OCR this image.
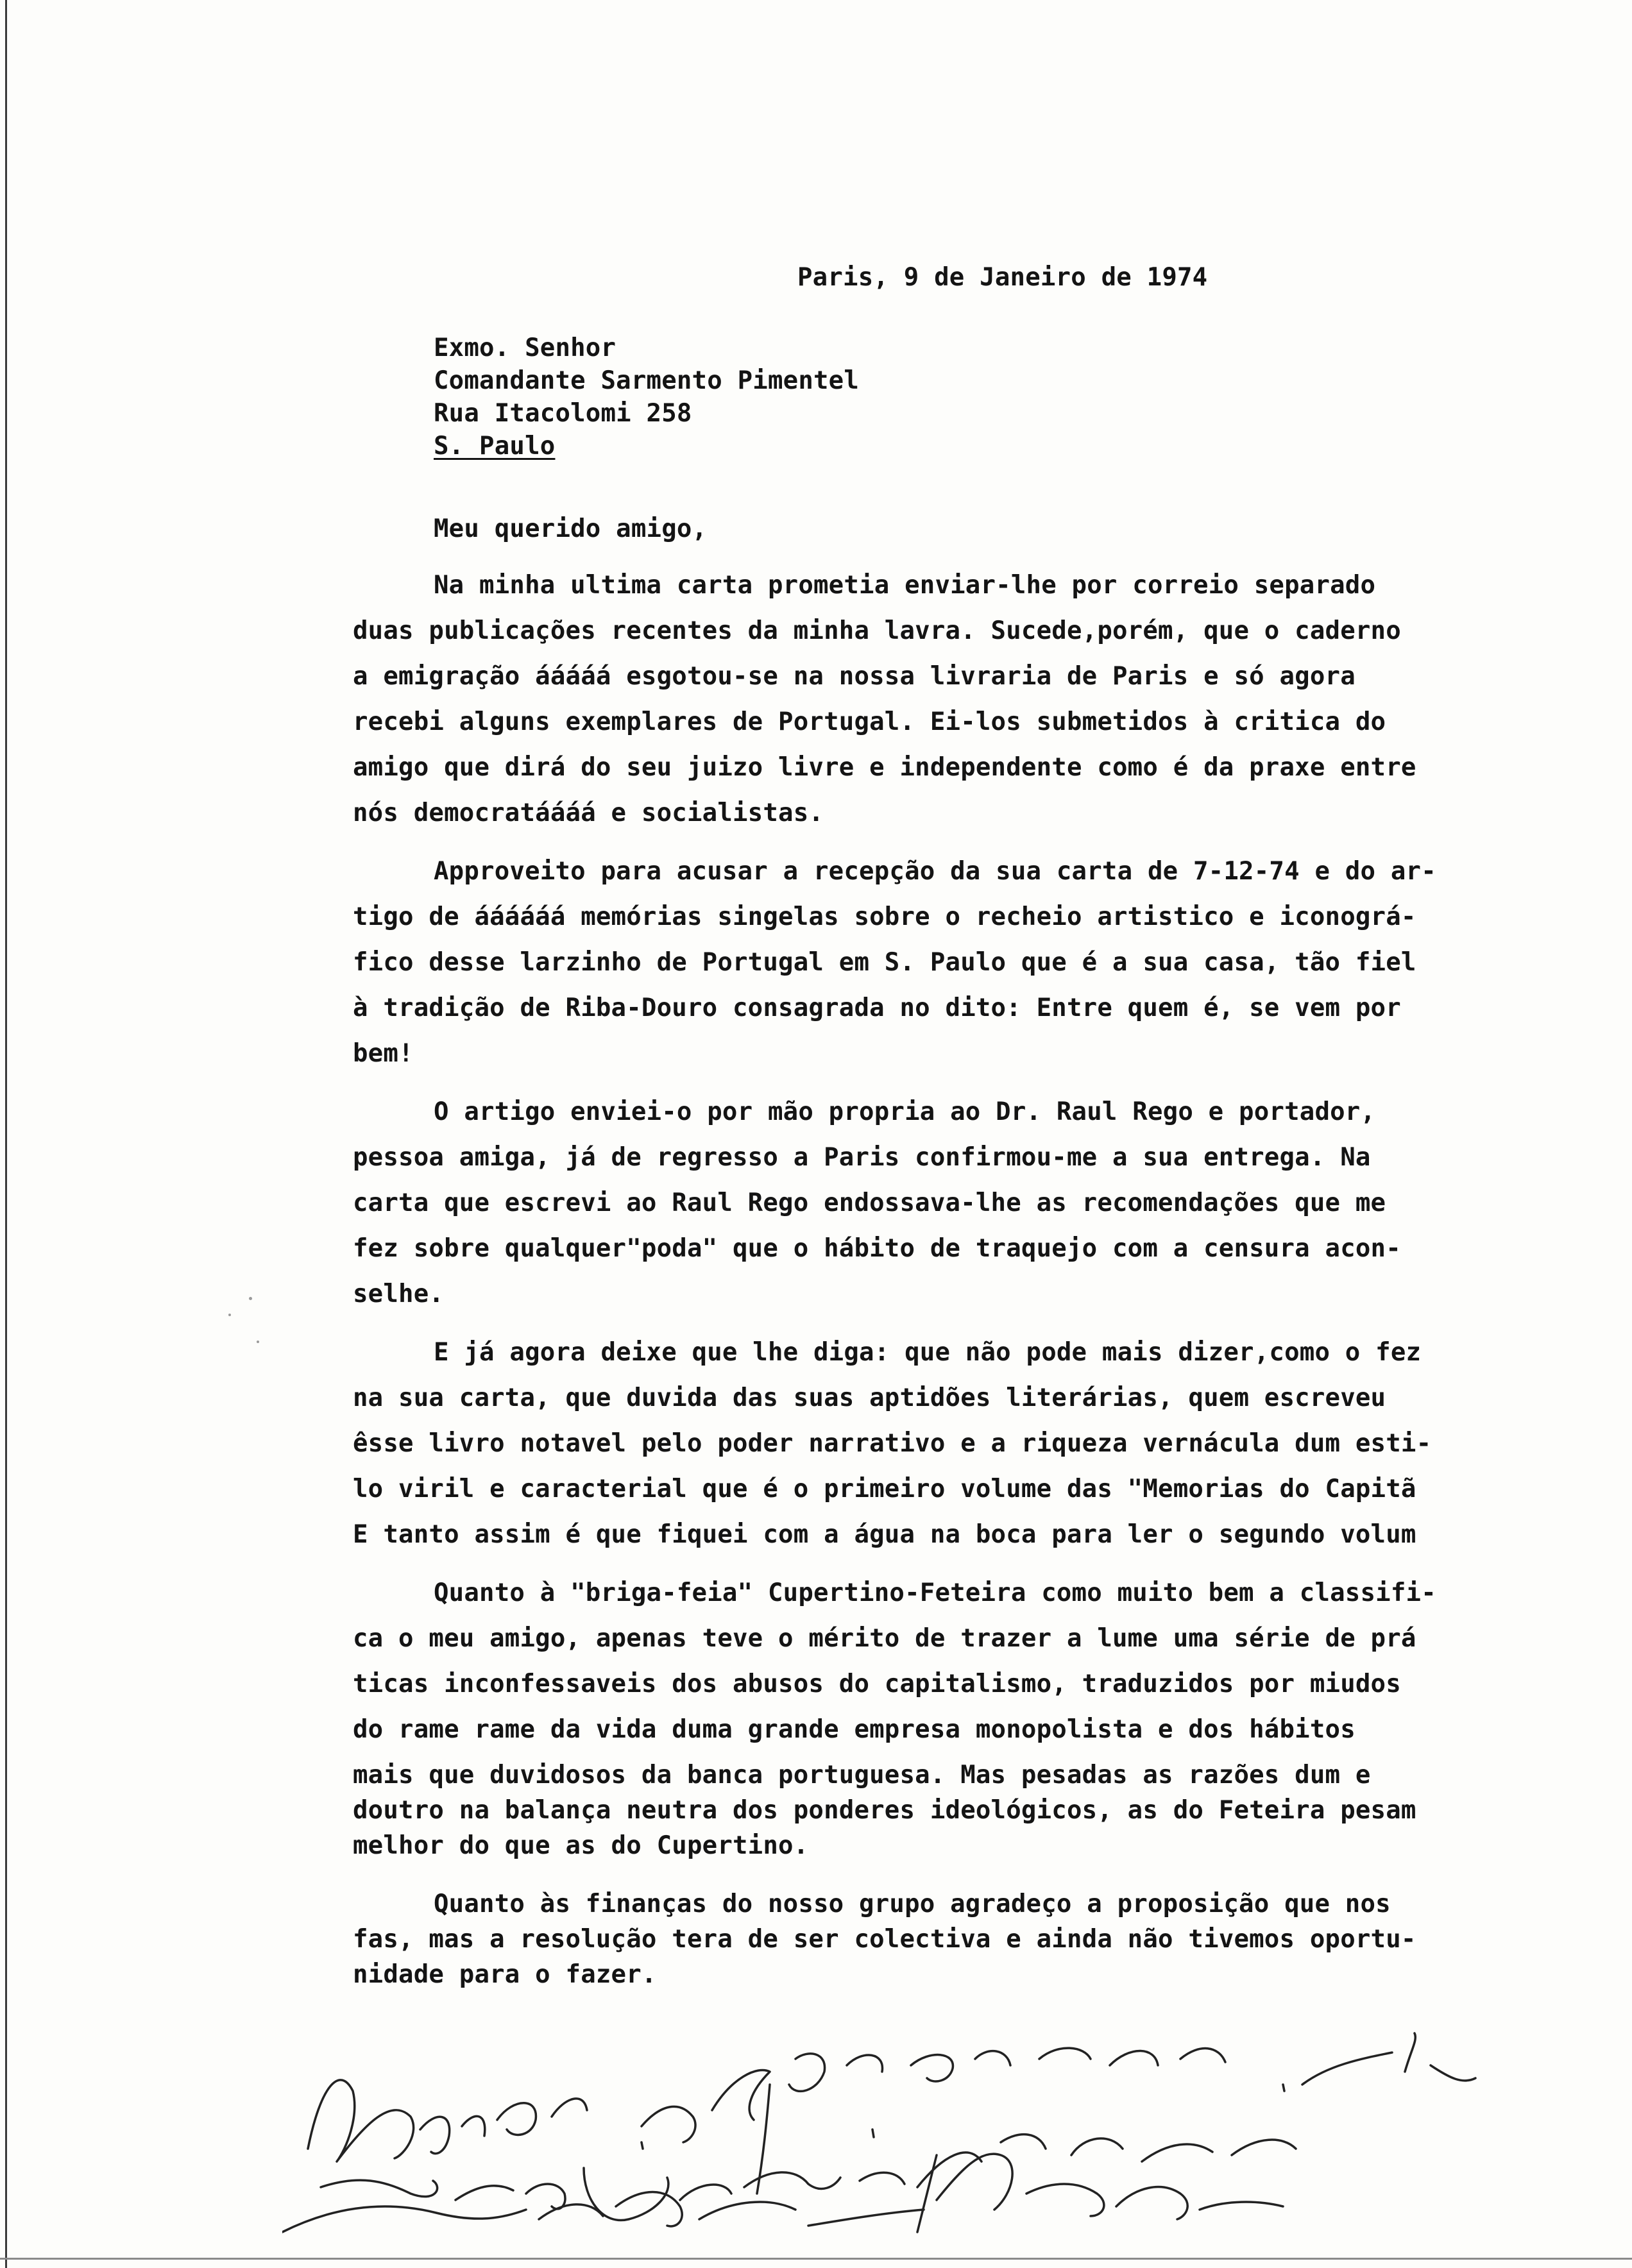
Paris, 9 de Janeiro de 1974
Exmo. Senhor
Comandante Sarmento Pimentel
Rua Itacolomi 258
S. Paulo
Meu querido amigo,
Na minha ultima carta prometia enviar-lhe por correio separado
duas publicações recentes da minha lavra. Sucede,porém, que o caderno
a emigração ááááá esgotou-se na nossa livraria de Paris e só agora
recebi alguns exemplares de Portugal. Ei-los submetidos à critica do
amigo que dirá do seu juizo livre e independente como é da praxe entre
nós democratáááá e socialistas.
Approveito para acusar a recepção da sua carta de 7-12-74 e do ar-
tigo de áááááá memórias singelas sobre o recheio artistico e iconográ-
fico desse larzinho de Portugal em S. Paulo que é a sua casa, tão fiel
à tradição de Riba-Douro consagrada no dito: Entre quem é, se vem por
bem!
O artigo enviei-o por mão propria ao Dr. Raul Rego e portador,
pessoa amiga, já de regresso a Paris confirmou-me a sua entrega. Na
carta que escrevi ao Raul Rego endossava-lhe as recomendações que me
fez sobre qualquer"poda" que o hábito de traquejo com a censura acon-
selhe.
E já agora deixe que lhe diga: que não pode mais dizer,como o fez
na sua carta, que duvida das suas aptidões literárias, quem escreveu
êsse livro notavel pelo poder narrativo e a riqueza vernácula dum esti-
lo viril e caracterial que é o primeiro volume das "Memorias do Capitã
E tanto assim é que fiquei com a água na boca para ler o segundo volum
Quanto à "briga-feia" Cupertino-Feteira como muito bem a classifi-
ca o meu amigo, apenas teve o mérito de trazer a lume uma série de prá
ticas inconfessaveis dos abusos do capitalismo, traduzidos por miudos
do rame rame da vida duma grande empresa monopolista e dos hábitos
mais que duvidosos da banca portuguesa. Mas pesadas as razões dum e
doutro na balança neutra dos ponderes ideológicos, as do Feteira pesam
melhor do que as do Cupertino.
Quanto às finanças do nosso grupo agradeço a proposição que nos
fas, mas a resolução tera de ser colectiva e ainda não tivemos oportu-
nidade para o fazer.
